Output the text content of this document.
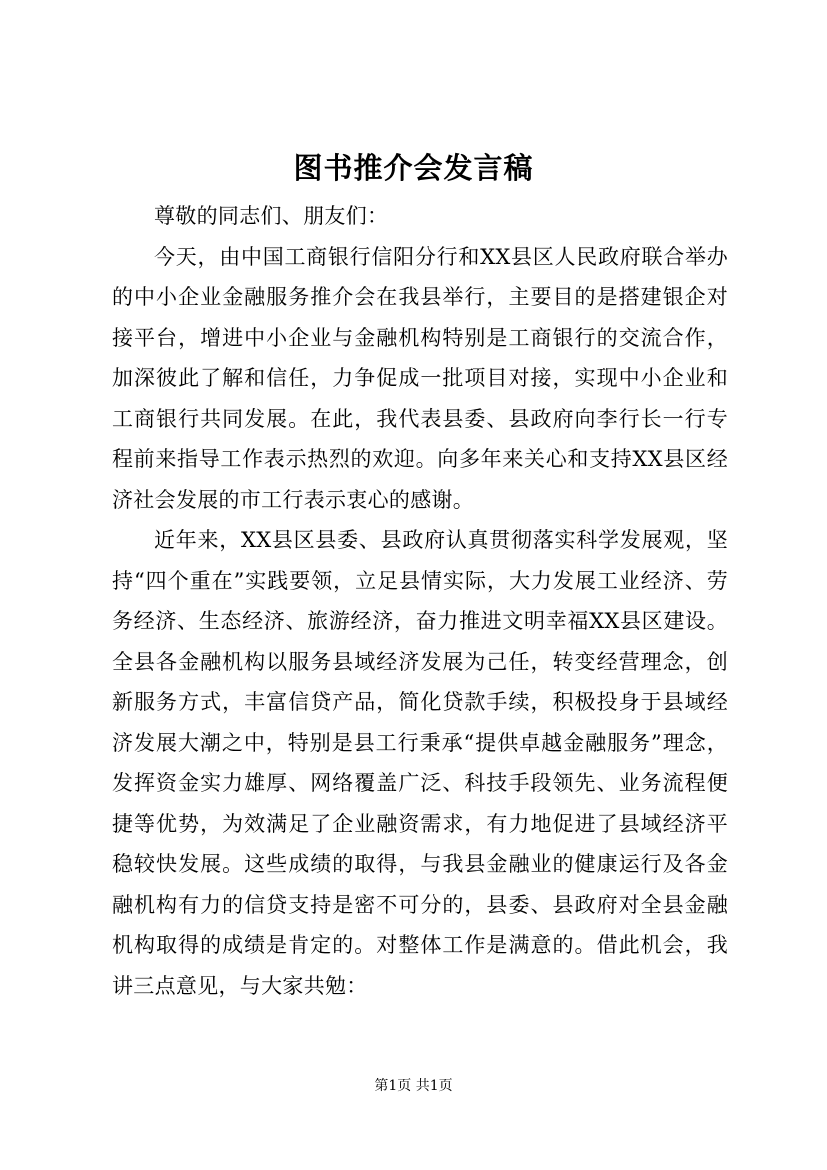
图书推介会发言稿

尊敬的同志们、朋友们：

今天，由中国工商银行信阳分行和XX县区人民政府联合举办的中小企业金融服务推介会在我县举行，主要目的是搭建银企对接平台，增进中小企业与金融机构特别是工商银行的交流合作，加深彼此了解和信任，力争促成一批项目对接，实现中小企业和工商银行共同发展。在此，我代表县委、县政府向李行长一行专程前来指导工作表示热烈的欢迎。向多年来关心和支持XX县区经济社会发展的市工行表示衷心的感谢。

近年来，XX县区县委、县政府认真贯彻落实科学发展观，坚持“四个重在”实践要领，立足县情实际，大力发展工业经济、劳务经济、生态经济、旅游经济，奋力推进文明幸福XX县区建设。全县各金融机构以服务县域经济发展为己任，转变经营理念，创新服务方式，丰富信贷产品，简化贷款手续，积极投身于县域经济发展大潮之中，特别是县工行秉承“提供卓越金融服务”理念，发挥资金实力雄厚、网络覆盖广泛、科技手段领先、业务流程便捷等优势，为效满足了企业融资需求，有力地促进了县域经济平稳较快发展。这些成绩的取得，与我县金融业的健康运行及各金融机构有力的信贷支持是密不可分的，县委、县政府对全县金融机构取得的成绩是肯定的。对整体工作是满意的。借此机会，我讲三点意见，与大家共勉：

第1页 共1页
